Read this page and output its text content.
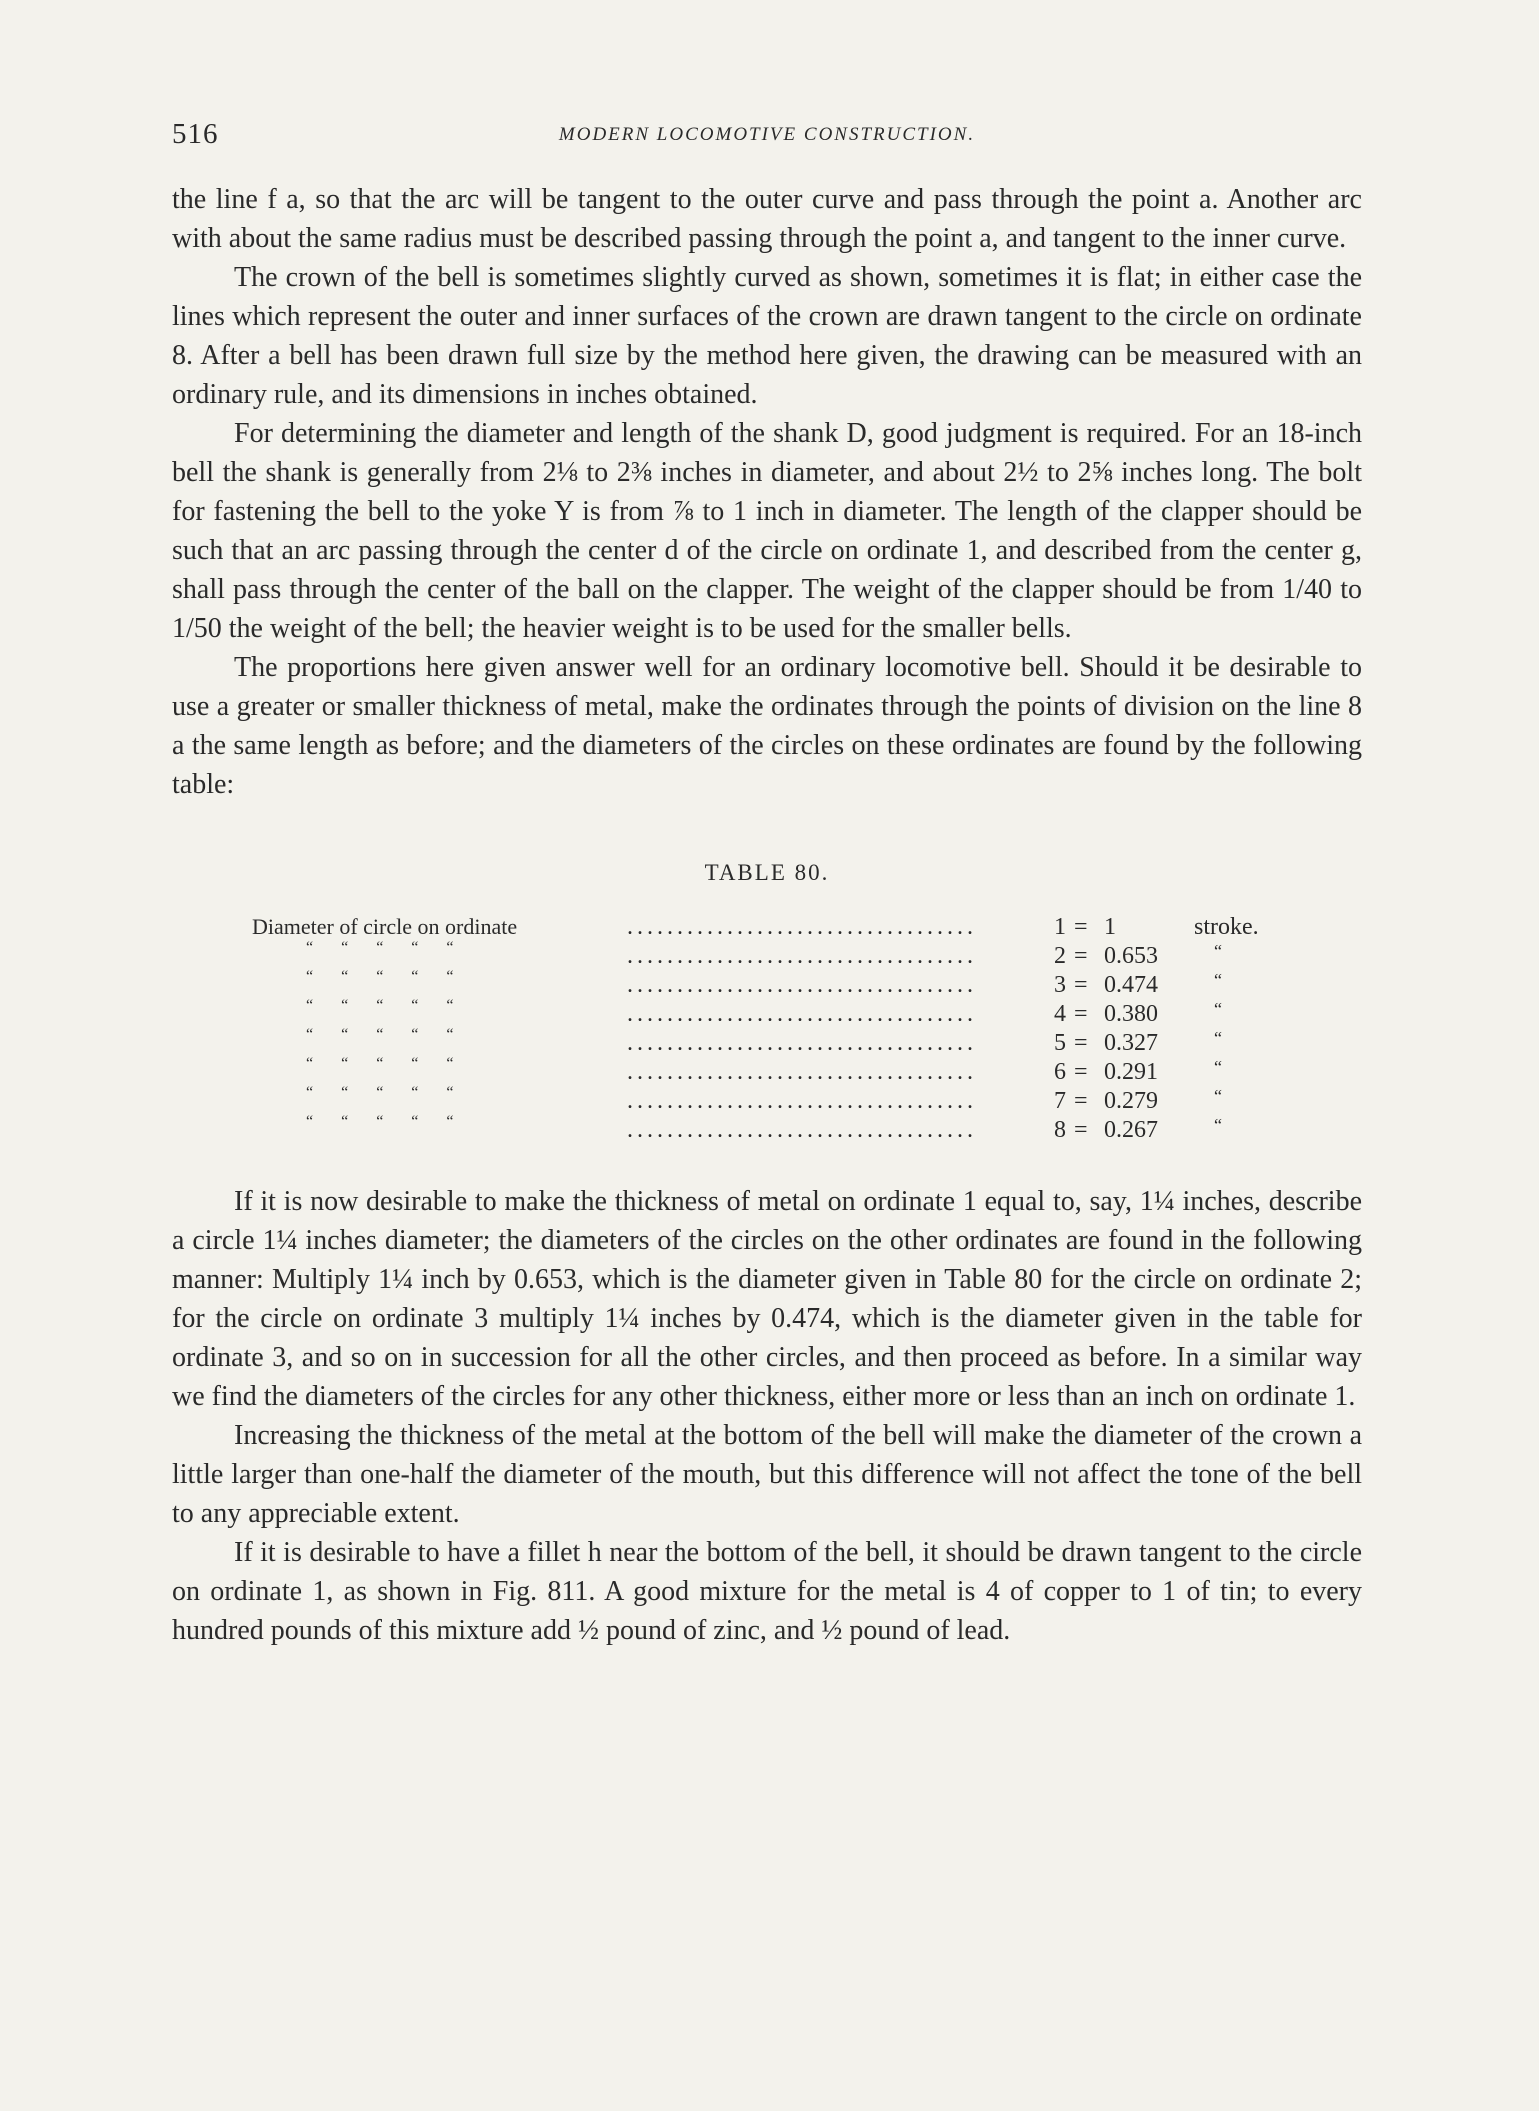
516	MODERN LOCOMOTIVE CONSTRUCTION.

the line f a, so that the arc will be tangent to the outer curve and pass through the point a. Another arc with about the same radius must be described passing through the point a, and tangent to the inner curve.

The crown of the bell is sometimes slightly curved as shown, sometimes it is flat; in either case the lines which represent the outer and inner surfaces of the crown are drawn tangent to the circle on ordinate 8. After a bell has been drawn full size by the method here given, the drawing can be measured with an ordinary rule, and its dimensions in inches obtained.

For determining the diameter and length of the shank D, good judgment is required. For an 18-inch bell the shank is generally from 2⅛ to 2⅜ inches in diameter, and about 2½ to 2⅝ inches long. The bolt for fastening the bell to the yoke Y is from ⅞ to 1 inch in diameter. The length of the clapper should be such that an arc passing through the center d of the circle on ordinate 1, and described from the center g, shall pass through the center of the ball on the clapper. The weight of the clapper should be from 1/40 to 1/50 the weight of the bell; the heavier weight is to be used for the smaller bells.

The proportions here given answer well for an ordinary locomotive bell. Should it be desirable to use a greater or smaller thickness of metal, make the ordinates through the points of division on the line 8 a the same length as before; and the diameters of the circles on these ordinates are found by the following table:

TABLE 80.
Diameter of circle on ordinate	...................................	1 = 1	stroke.
“ “ “ “ “	...................................	2 = 0.653	“
“ “ “ “ “	...................................	3 = 0.474	“
“ “ “ “ “	...................................	4 = 0.380	“
“ “ “ “ “	...................................	5 = 0.327	“
“ “ “ “ “	...................................	6 = 0.291	“
“ “ “ “ “	...................................	7 = 0.279	“
“ “ “ “ “	...................................	8 = 0.267	“

If it is now desirable to make the thickness of metal on ordinate 1 equal to, say, 1¼ inches, describe a circle 1¼ inches diameter; the diameters of the circles on the other ordinates are found in the following manner: Multiply 1¼ inch by 0.653, which is the diameter given in Table 80 for the circle on ordinate 2; for the circle on ordinate 3 multiply 1¼ inches by 0.474, which is the diameter given in the table for ordinate 3, and so on in succession for all the other circles, and then proceed as before. In a similar way we find the diameters of the circles for any other thickness, either more or less than an inch on ordinate 1.

Increasing the thickness of the metal at the bottom of the bell will make the diameter of the crown a little larger than one-half the diameter of the mouth, but this difference will not affect the tone of the bell to any appreciable extent.

If it is desirable to have a fillet h near the bottom of the bell, it should be drawn tangent to the circle on ordinate 1, as shown in Fig. 811. A good mixture for the metal is 4 of copper to 1 of tin; to every hundred pounds of this mixture add ½ pound of zinc, and ½ pound of lead.
